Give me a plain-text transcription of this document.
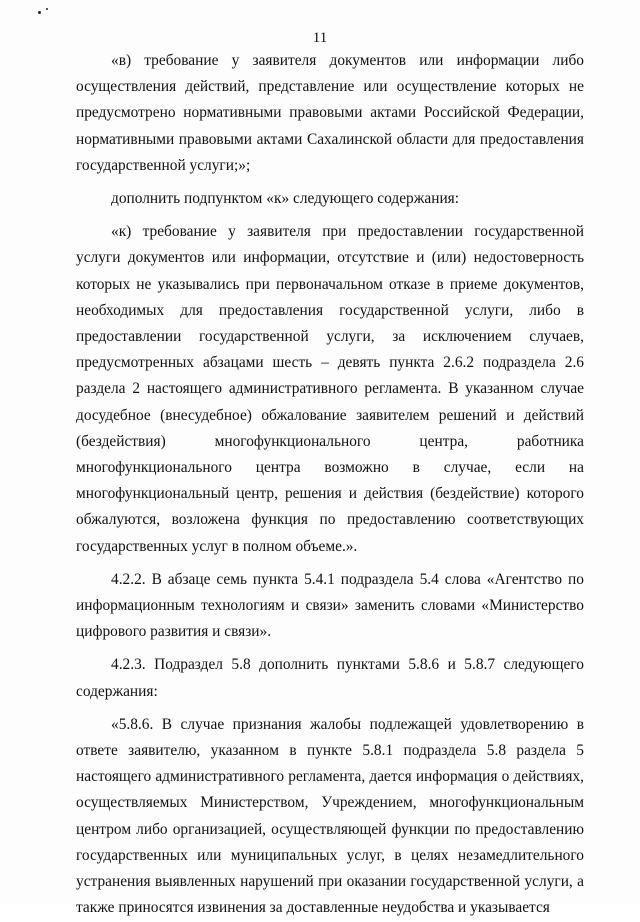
11

«в) требование у заявителя документов или информации либо осуществления действий, представление или осуществление которых не предусмотрено нормативными правовыми актами Российской Федерации, нормативными правовыми актами Сахалинской области для предоставления государственной услуги;»;

дополнить подпунктом «к» следующего содержания:

«к) требование у заявителя при предоставлении государственной услуги документов или информации, отсутствие и (или) недостоверность которых не указывались при первоначальном отказе в приеме документов, необходимых для предоставления государственной услуги, либо в предоставлении государственной услуги, за исключением случаев, предусмотренных абзацами шесть – девять пункта 2.6.2 подраздела 2.6 раздела 2 настоящего административного регламента. В указанном случае досудебное (внесудебное) обжалование заявителем решений и действий (бездействия) многофункционального центра, работника многофункционального центра возможно в случае, если на многофункциональный центр, решения и действия (бездействие) которого обжалуются, возложена функция по предоставлению соответствующих государственных услуг в полном объеме.».

4.2.2. В абзаце семь пункта 5.4.1 подраздела 5.4 слова «Агентство по информационным технологиям и связи» заменить словами «Министерство цифрового развития и связи».

4.2.3. Подраздел 5.8 дополнить пунктами 5.8.6 и 5.8.7 следующего содержания:

«5.8.6. В случае признания жалобы подлежащей удовлетворению в ответе заявителю, указанном в пункте 5.8.1 подраздела 5.8 раздела 5 настоящего административного регламента, дается информация о действиях, осуществляемых Министерством, Учреждением, многофункциональным центром либо организацией, осуществляющей функции по предоставлению государственных или муниципальных услуг, в целях незамедлительного устранения выявленных нарушений при оказании государственной услуги, а также приносятся извинения за доставленные неудобства и указывается
